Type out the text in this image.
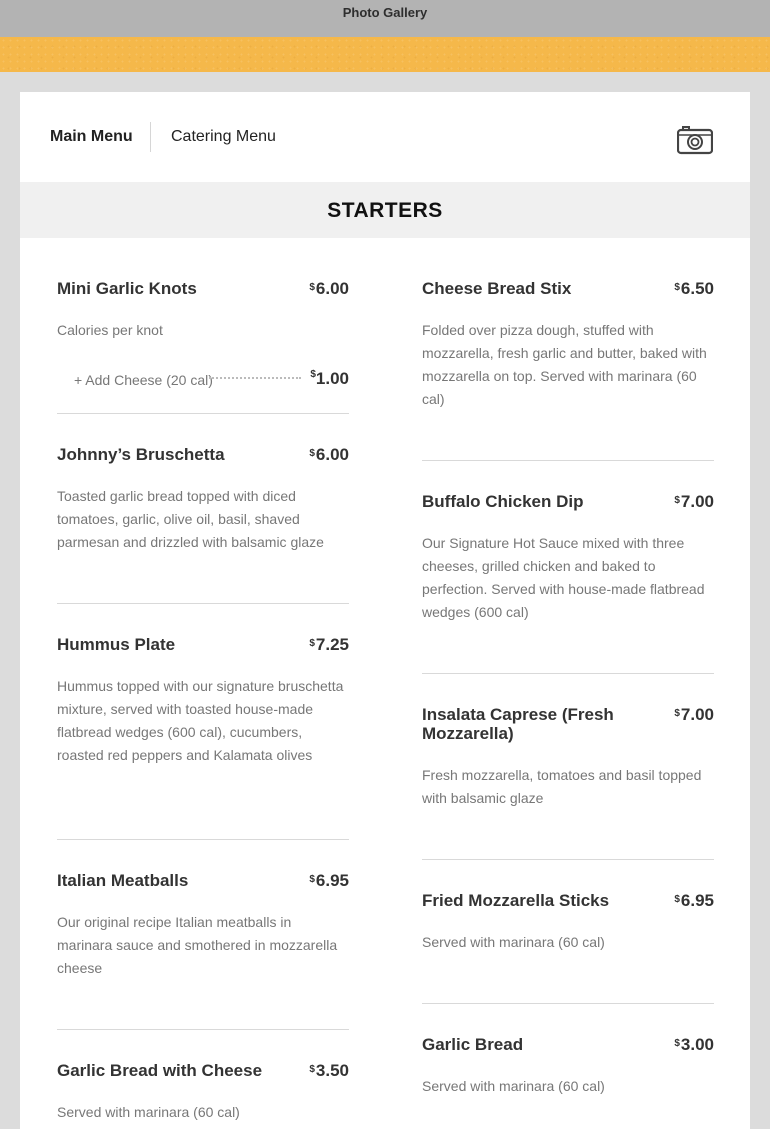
Photo Gallery
Main Menu Catering Menu
STARTERS
Mini Garlic Knots	$6.00
Calories per knot
+ Add Cheese (20 cal)	$1.00
Johnny’s Bruschetta	$6.00
Toasted garlic bread topped with diced tomatoes, garlic, olive oil, basil, shaved parmesan and drizzled with balsamic glaze
Hummus Plate	$7.25
Hummus topped with our signature bruschetta mixture, served with toasted house-made flatbread wedges (600 cal), cucumbers, roasted red peppers and Kalamata olives
Italian Meatballs	$6.95
Our original recipe Italian meatballs in marinara sauce and smothered in mozzarella cheese
Garlic Bread with Cheese	$3.50
Served with marinara (60 cal)
Cheese Bread Stix	$6.50
Folded over pizza dough, stuffed with mozzarella, fresh garlic and butter, baked with mozzarella on top. Served with marinara (60 cal)
Buffalo Chicken Dip	$7.00
Our Signature Hot Sauce mixed with three cheeses, grilled chicken and baked to perfection. Served with house-made flatbread wedges (600 cal)
Insalata Caprese (Fresh Mozzarella)
$7.00
Fresh mozzarella, tomatoes and basil topped with balsamic glaze
Fried Mozzarella Sticks	$6.95
Served with marinara (60 cal)
Garlic Bread	$3.00
Served with marinara (60 cal)
